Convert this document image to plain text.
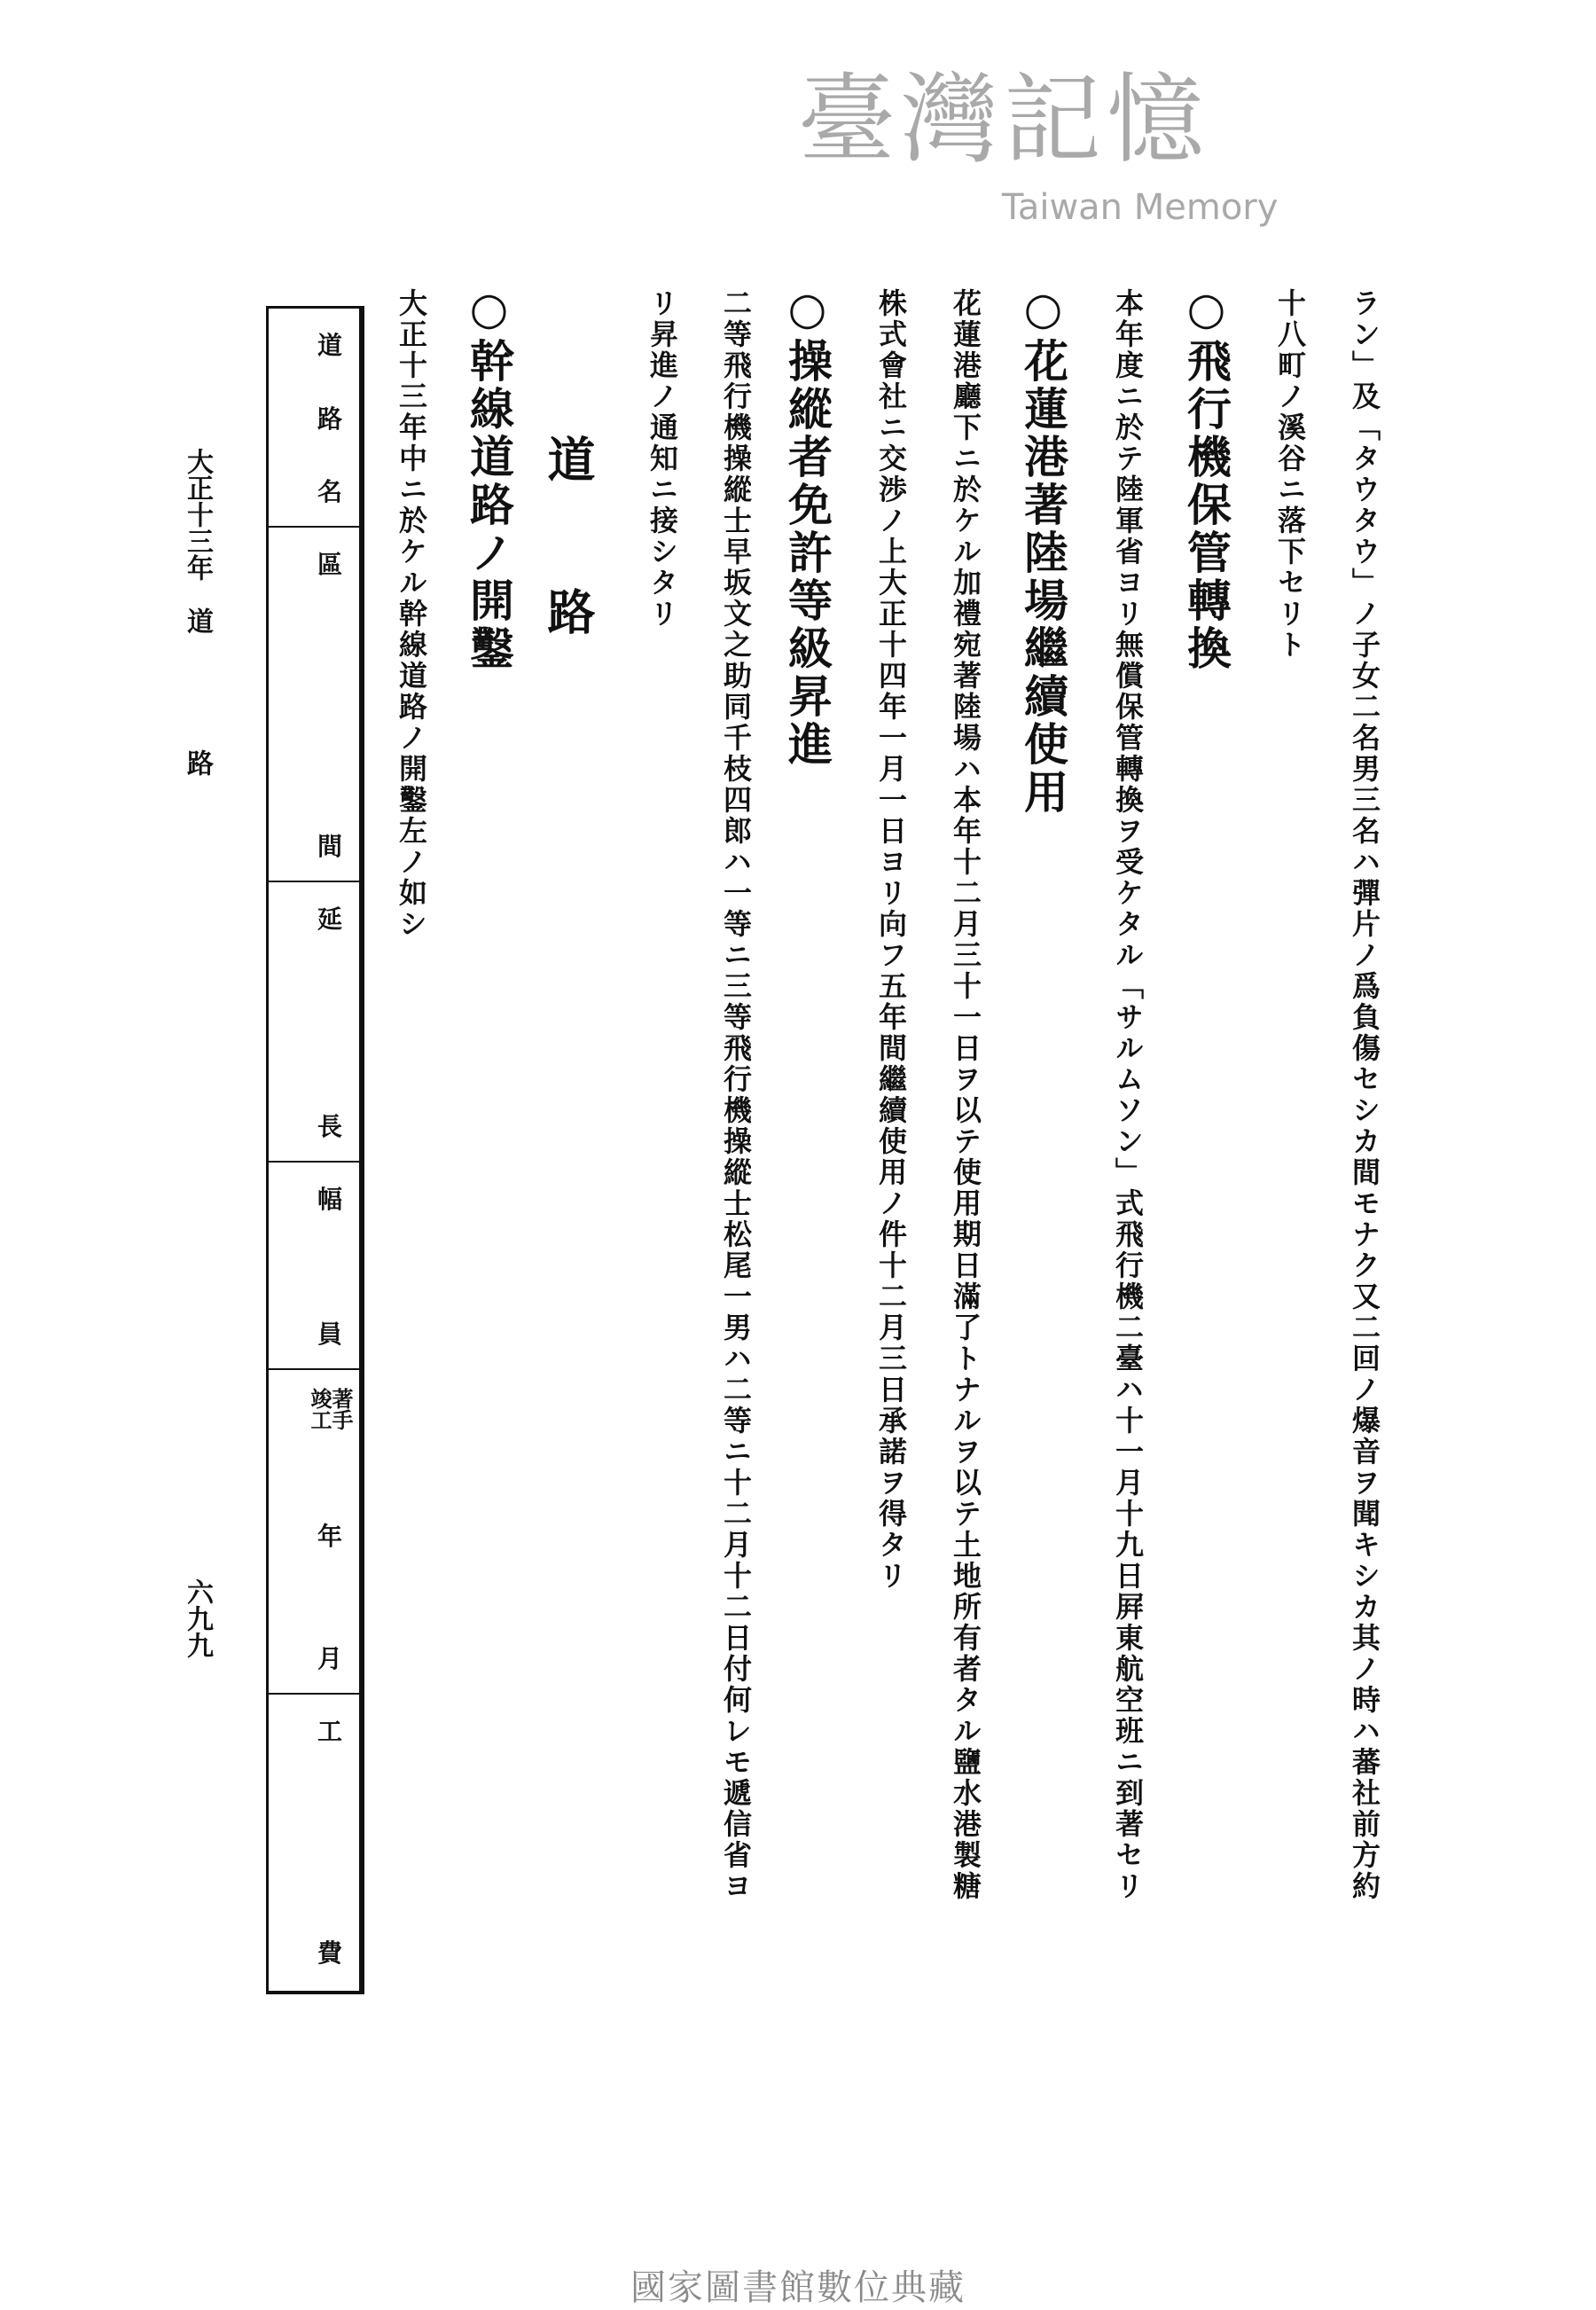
ラン」及「タウタウ」ノ子女二名男三名ハ彈片ノ爲負傷セシカ間モナク又二回ノ爆音ヲ聞キシカ其ノ時ハ蕃社前方約
十八町ノ溪谷ニ落下セリト
○飛行機保管轉換
本年度ニ於テ陸軍省ヨリ無償保管轉換ヲ受ケタル「サルムソン」式飛行機二臺ハ十一月十九日屛東航空班ニ到著セリ
○花蓮港著陸場繼續使用
花蓮港廳下ニ於ケル加禮宛著陸場ハ本年十二月三十一日ヲ以テ使用期日滿了トナルヲ以テ土地所有者タル鹽水港製糖
株式會社ニ交渉ノ上大正十四年一月一日ヨリ向フ五年間繼續使用ノ件十二月三日承諾ヲ得タリ
○操縱者免許等級昇進
二等飛行機操縱士早坂文之助同千枝四郎ハ一等ニ三等飛行機操縱士松尾一男ハ二等ニ十二月十二日付何レモ遞信省ヨ
リ昇進ノ通知ニ接シタリ
道
路
○幹線道路ノ開鑿
大正十三年中ニ於ケル幹線道路ノ開鑿左ノ如シ
道
路
名
區
間
延
長
幅
員
著手
竣工
年
月
工
費
大正十三年　道
路
六九九
臺灣記憶
Taiwan Memory
國家圖書館數位典藏
